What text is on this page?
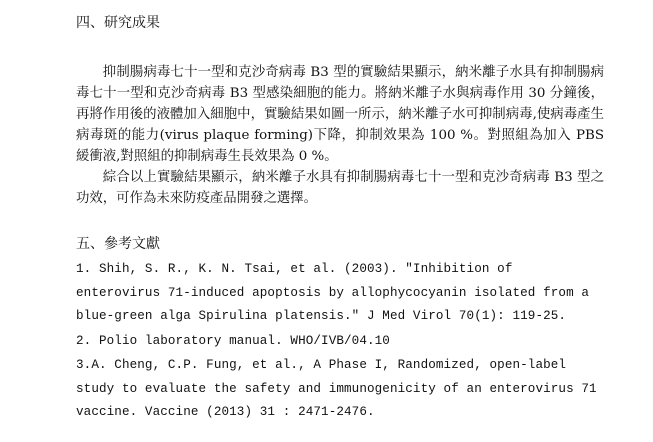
四、研究成果

抑制腸病毒七十一型和克沙奇病毒 B3 型的實驗結果顯示，納米離子水具有抑制腸病毒七十一型和克沙奇病毒 B3 型感染細胞的能力。將納米離子水與病毒作用 30 分鐘後，再將作用後的液體加入細胞中，實驗結果如圖一所示，納米離子水可抑制病毒,使病毒產生病毒斑的能力(virus plaque forming)下降，抑制效果為 100 %。對照組為加入 PBS 緩衝液,對照組的抑制病毒生長效果為 0 %。

綜合以上實驗結果顯示，納米離子水具有抑制腸病毒七十一型和克沙奇病毒 B3 型之功效，可作為未來防疫產品開發之選擇。

五、參考文獻

1. Shih, S. R., K. N. Tsai, et al. (2003). "Inhibition of enterovirus 71-induced apoptosis by allophycocyanin isolated from a blue-green alga Spirulina platensis." J Med Virol 70(1): 119-25.

2. Polio laboratory manual. WHO/IVB/04.10

3.A. Cheng, C.P. Fung, et al., A Phase I, Randomized, open-label study to evaluate the safety and immunogenicity of an enterovirus 71 vaccine. Vaccine (2013) 31 : 2471-2476.
